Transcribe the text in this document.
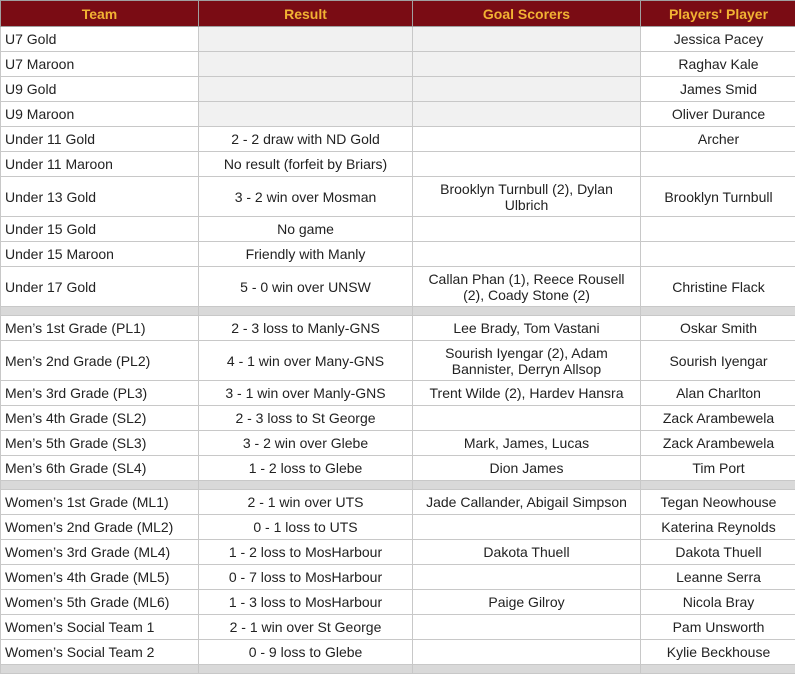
Team	Result	Goal Scorers	Players' Player
U7 Gold			Jessica Pacey
U7 Maroon			Raghav Kale
U9 Gold			James Smid
U9 Maroon			Oliver Durance
Under 11 Gold	2 - 2 draw with ND Gold		Archer
Under 11 Maroon	No result (forfeit by Briars)		
Under 13 Gold	3 - 2 win over Mosman	Brooklyn Turnbull (2), Dylan Ulbrich	Brooklyn Turnbull
Under 15 Gold	No game		
Under 15 Maroon	Friendly with Manly		
Under 17 Gold	5 - 0 win over UNSW	Callan Phan (1), Reece Rousell (2), Coady Stone (2)	Christine Flack

Men’s 1st Grade (PL1)	2 - 3 loss to Manly-GNS	Lee Brady, Tom Vastani	Oskar Smith
Men’s 2nd Grade (PL2)	4 - 1 win over Many-GNS	Sourish Iyengar (2), Adam Bannister, Derryn Allsop	Sourish Iyengar
Men’s 3rd Grade (PL3)	3 - 1 win over Manly-GNS	Trent Wilde (2), Hardev Hansra	Alan Charlton
Men’s 4th Grade (SL2)	2 - 3 loss to St George		Zack Arambewela
Men’s 5th Grade (SL3)	3 - 2 win over Glebe	Mark, James, Lucas	Zack Arambewela
Men’s 6th Grade (SL4)	1 - 2 loss to Glebe	Dion James	Tim Port

Women’s 1st Grade (ML1)	2 - 1 win over UTS	Jade Callander, Abigail Simpson	Tegan Neowhouse
Women’s 2nd Grade (ML2)	0 - 1 loss to UTS		Katerina Reynolds
Women’s 3rd Grade (ML4)	1 - 2 loss to MosHarbour	Dakota Thuell	Dakota Thuell
Women’s 4th Grade (ML5)	0 - 7 loss to MosHarbour		Leanne Serra
Women’s 5th Grade (ML6)	1 - 3 loss to MosHarbour	Paige Gilroy	Nicola Bray
Women’s Social Team 1	2 - 1 win over St George		Pam Unsworth
Women’s Social Team 2	0 - 9 loss to Glebe		Kylie Beckhouse
